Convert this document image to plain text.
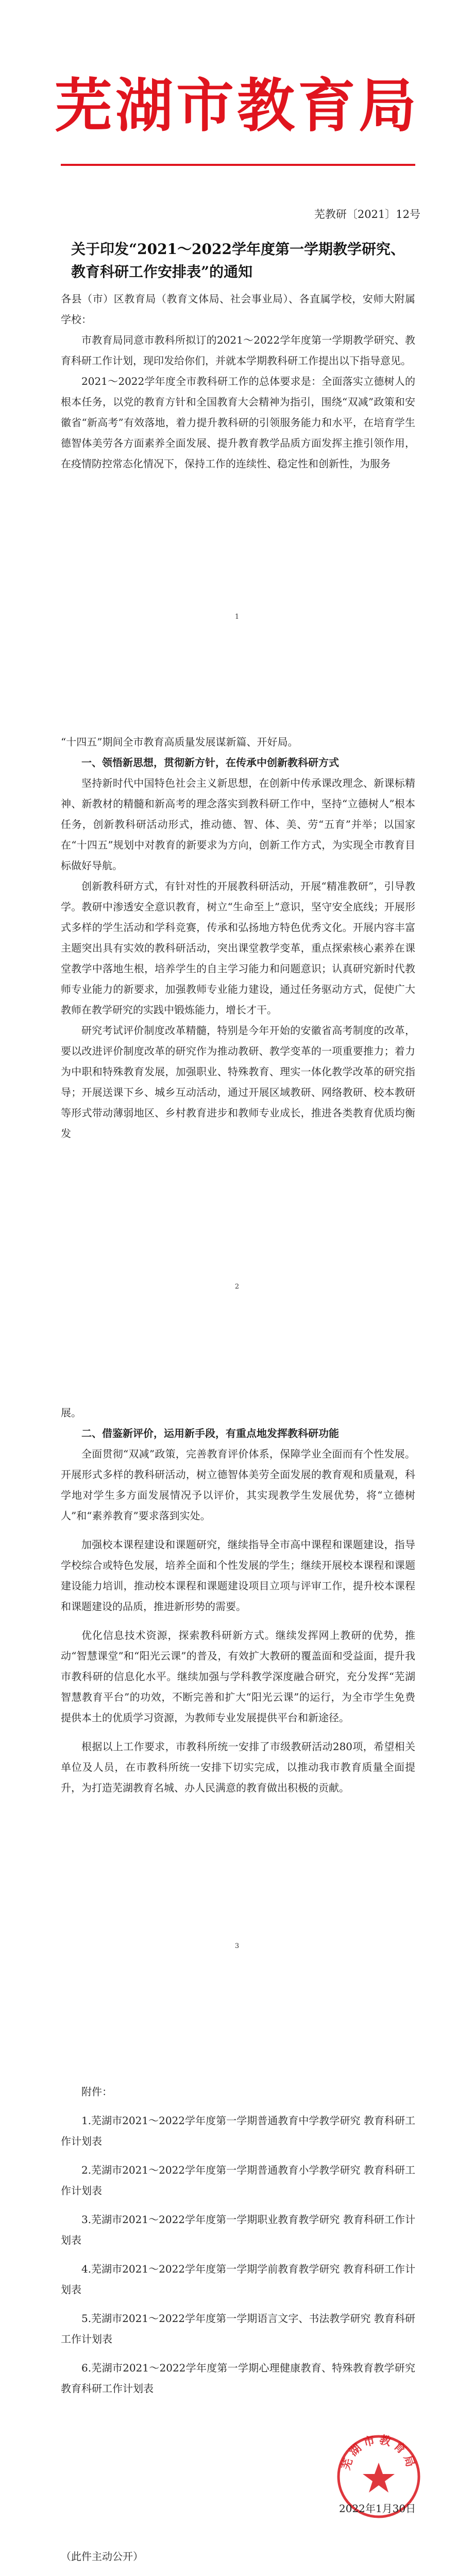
芜湖市教育局
芜教研〔2021〕12号
关于印发“2021～2022学年度第一学期教学研究、教育科研工作安排表”的通知

各县（市）区教育局（教育文体局、社会事业局）、各直属学校，安师大附属学校：

市教育局同意市教科所拟订的2021～2022学年度第一学期教学研究、教育科研工作计划，现印发给你们，并就本学期教科研工作提出以下指导意见。

2021～2022学年度全市教科研工作的总体要求是：全面落实立德树人的根本任务，以党的教育方针和全国教育大会精神为指引，围绕“双减”政策和安徽省“新高考”有效落地，着力提升教科研的引领服务能力和水平，在培育学生德智体美劳各方面素养全面发展、提升教育教学品质方面发挥主推引领作用，在疫情防控常态化情况下，保持工作的连续性、稳定性和创新性，为服务

1

“十四五”期间全市教育高质量发展谋新篇、开好局。

一、领悟新思想，贯彻新方针，在传承中创新教科研方式

坚持新时代中国特色社会主义新思想，在创新中传承课改理念、新课标精神、新教材的精髓和新高考的理念落实到教科研工作中，坚持“立德树人”根本任务，创新教科研活动形式，推动德、智、体、美、劳“五育”并举；以国家在“十四五”规划中对教育的新要求为方向，创新工作方式，为实现全市教育目标做好导航。

创新教科研方式，有针对性的开展教科研活动，开展“精准教研”，引导教学。教研中渗透安全意识教育，树立“生命至上”意识，坚守安全底线；开展形式多样的学生活动和学科竞赛，传承和弘扬地方特色优秀文化。开展内容丰富主题突出具有实效的教科研活动，突出课堂教学变革，重点探索核心素养在课堂教学中落地生根，培养学生的自主学习能力和问题意识；认真研究新时代教师专业能力的新要求，加强教师专业能力建设，通过任务驱动方式，促使广大教师在教学研究的实践中锻炼能力，增长才干。

研究考试评价制度改革精髓，特别是今年开始的安徽省高考制度的改革，要以改进评价制度改革的研究作为推动教研、教学变革的一项重要推力；着力为中职和特殊教育发展，加强职业、特殊教育、理实一体化教学改革的研究指导；开展送课下乡、城乡互动活动，通过开展区域教研、网络教研、校本教研等形式带动薄弱地区、乡村教育进步和教师专业成长，推进各类教育优质均衡发

2

展。

二、借鉴新评价，运用新手段，有重点地发挥教科研功能

全面贯彻“双减”政策，完善教育评价体系，保障学业全面而有个性发展。开展形式多样的教科研活动，树立德智体美劳全面发展的教育观和质量观，科学地对学生多方面发展情况予以评价，其实现教学生发展优势，将“立德树人”和“素养教育”要求落到实处。

加强校本课程建设和课题研究，继续指导全市高中课程和课题建设，指导学校综合或特色发展，培养全面和个性发展的学生；继续开展校本课程和课题建设能力培训，推动校本课程和课题建设项目立项与评审工作，提升校本课程和课题建设的品质，推进新形势的需要。

优化信息技术资源，探索教科研新方式。继续发挥网上教研的优势，推动“智慧课堂”和“阳光云课”的普及，有效扩大教研的覆盖面和受益面，提升我市教科研的信息化水平。继续加强与学科教学深度融合研究，充分发挥“芜湖智慧教育平台”的功效，不断完善和扩大“阳光云课”的运行，为全市学生免费提供本土的优质学习资源，为教师专业发展提供平台和新途径。

根据以上工作要求，市教科所统一安排了市级教研活动280项，希望相关单位及人员，在市教科所统一安排下切实完成，以推动我市教育质量全面提升，为打造芜湖教育名城、办人民满意的教育做出积极的贡献。

3

附件：

1.芜湖市2021～2022学年度第一学期普通教育中学教学研究 教育科研工作计划表

2.芜湖市2021～2022学年度第一学期普通教育小学教学研究 教育科研工作计划表

3.芜湖市2021～2022学年度第一学期职业教育教学研究 教育科研工作计划表

4.芜湖市2021～2022学年度第一学期学前教育教学研究 教育科研工作计划表

5.芜湖市2021～2022学年度第一学期语言文字、书法教学研究 教育科研工作计划表

6.芜湖市2021～2022学年度第一学期心理健康教育、特殊教育教学研究 教育科研工作计划表

芜湖市教育局
2022年1月30日
（此件主动公开）
